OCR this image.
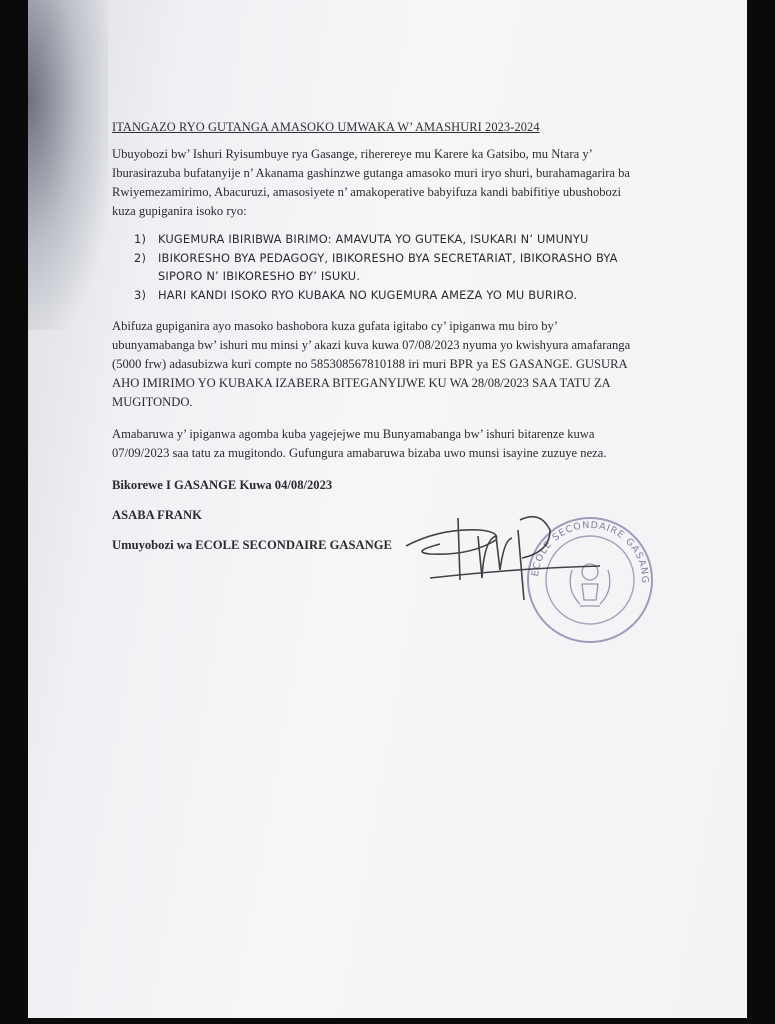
ITANGAZO RYO GUTANGA AMASOKO UMWAKA W’ AMASHURI 2023-2024

Ubuyobozi bw’ Ishuri Ryisumbuye rya Gasange, riherereye mu Karere ka Gatsibo, mu Ntara y’ Iburasirazuba bufatanyije n’ Akanama gashinzwe gutanga amasoko muri iryo shuri, burahamagarira ba Rwiyemezamirimo, Abacuruzi, amasosiyete n’ amakoperative babyifuza kandi babifitiye ubushobozi kuza gupiganira isoko ryo:

1)	KUGEMURA IBIRIBWA BIRIMO: AMAVUTA YO GUTEKA, ISUKARI N’ UMUNYU
2)	IBIKORESHO BYA PEDAGOGY, IBIKORESHO BYA SECRETARIAT, IBIKORASHO BYA SIPORO N’ IBIKORESHO BY’ ISUKU.
3)	HARI KANDI ISOKO RYO KUBAKA NO KUGEMURA AMEZA YO MU BURIRO.

Abifuza gupiganira ayo masoko bashobora kuza gufata igitabo cy’ ipiganwa mu biro by’ ubunyamabanga bw’ ishuri mu minsi y’ akazi kuva kuwa 07/08/2023 nyuma yo kwishyura amafaranga (5000 frw) adasubizwa kuri compte no 585308567810188 iri muri BPR ya ES GASANGE. GUSURA AHO IMIRIMO YO KUBAKA IZABERA BITEGANYIJWE KU WA 28/08/2023 SAA TATU ZA MUGITONDO.

Amabaruwa y’ ipiganwa agomba kuba yagejejwe mu Bunyamabanga bw’ ishuri bitarenze kuwa 07/09/2023 saa tatu za mugitondo. Gufungura amabaruwa bizaba uwo munsi isayine zuzuye neza.

Bikorewe I GASANGE Kuwa 04/08/2023
ASABA FRANK
Umuyobozi wa ECOLE SECONDAIRE GASANGE
ECOLE SECONDAIRE GASANG
